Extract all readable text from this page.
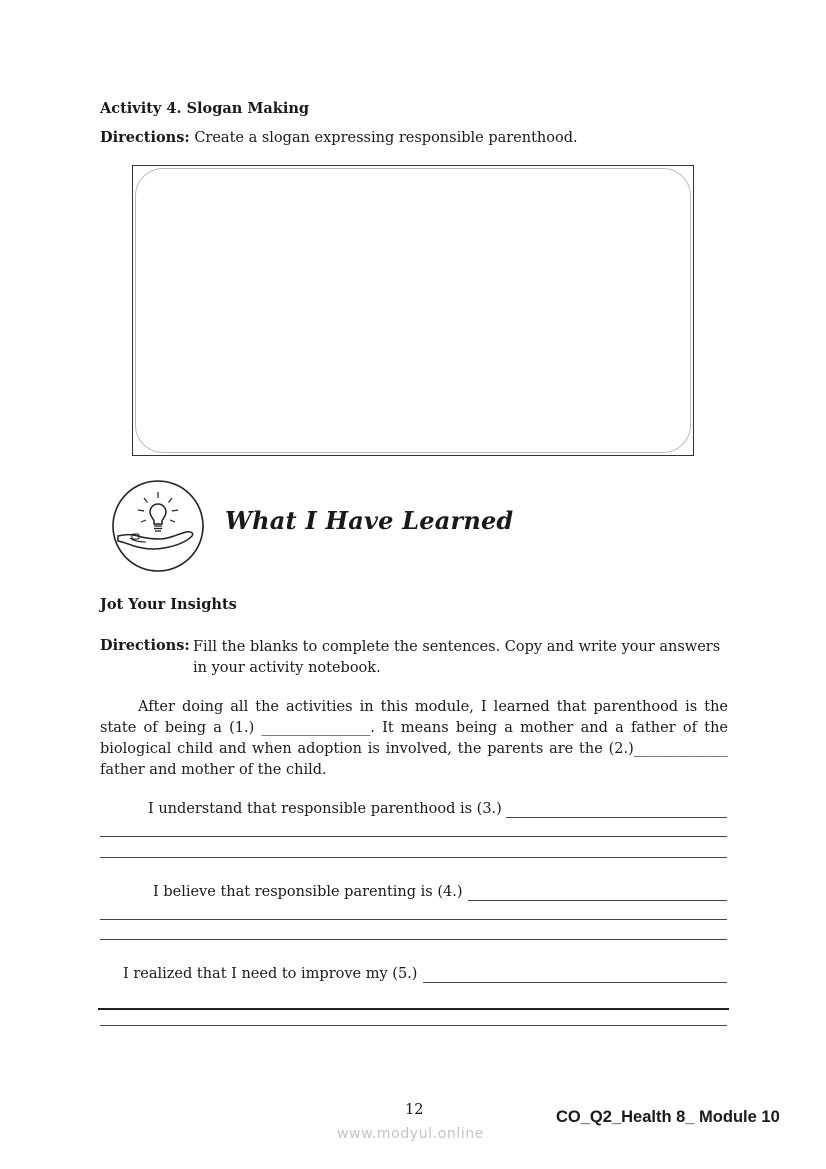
Activity 4. Slogan Making
Directions: Create a slogan expressing responsible parenthood.
What I Have Learned
Jot Your Insights
Directions: Fill the blanks to complete the sentences. Copy and write your answers in your activity notebook.
After doing all the activities in this module, I learned that parenthood is the state of being a (1.) _______________. It means being a mother and a father of the biological child and when adoption is involved, the parents are the (2.)_____________ father and mother of the child.
I understand that responsible parenthood is (3.)
I believe that responsible parenting is (4.)
I realized that I need to improve my (5.)
12	CO_Q2_Health 8_ Module 10
www.modyul.online
